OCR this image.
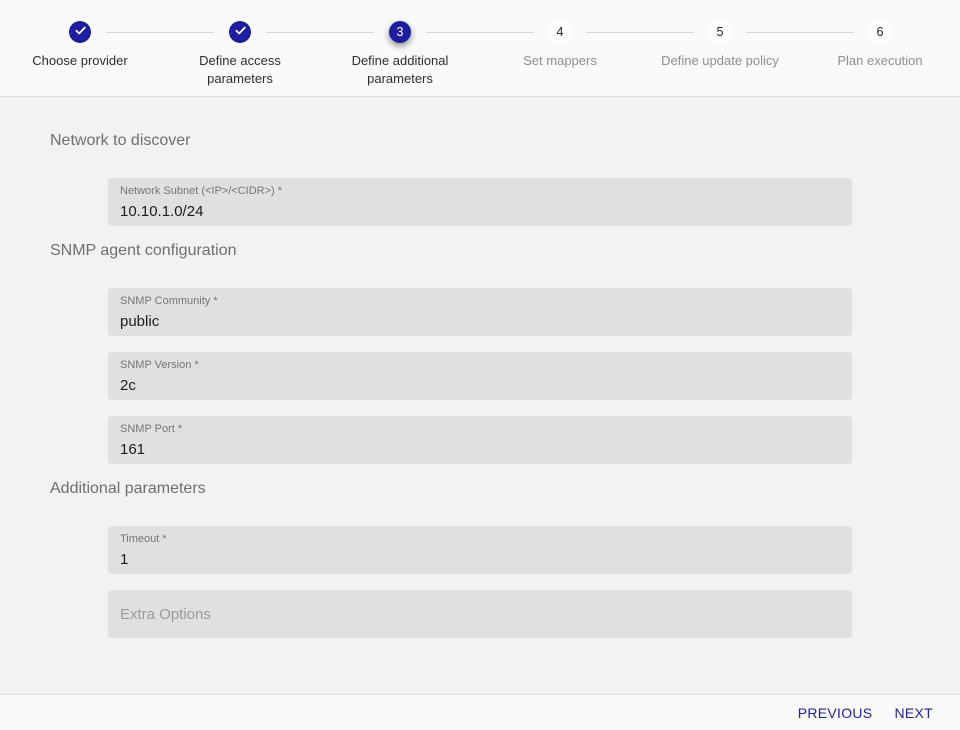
Choose provider	Define access parameters
3
Define additional parameters
4
Set mappers
5
Define update policy
6
Plan execution
Network to discover
Network Subnet (<IP>/<CIDR>) *
10.10.1.0/24
SNMP agent configuration
SNMP Community *
public
SNMP Version *
2c
SNMP Port *
161
Additional parameters
Timeout *
1
Extra Options
PREVIOUS	NEXT
